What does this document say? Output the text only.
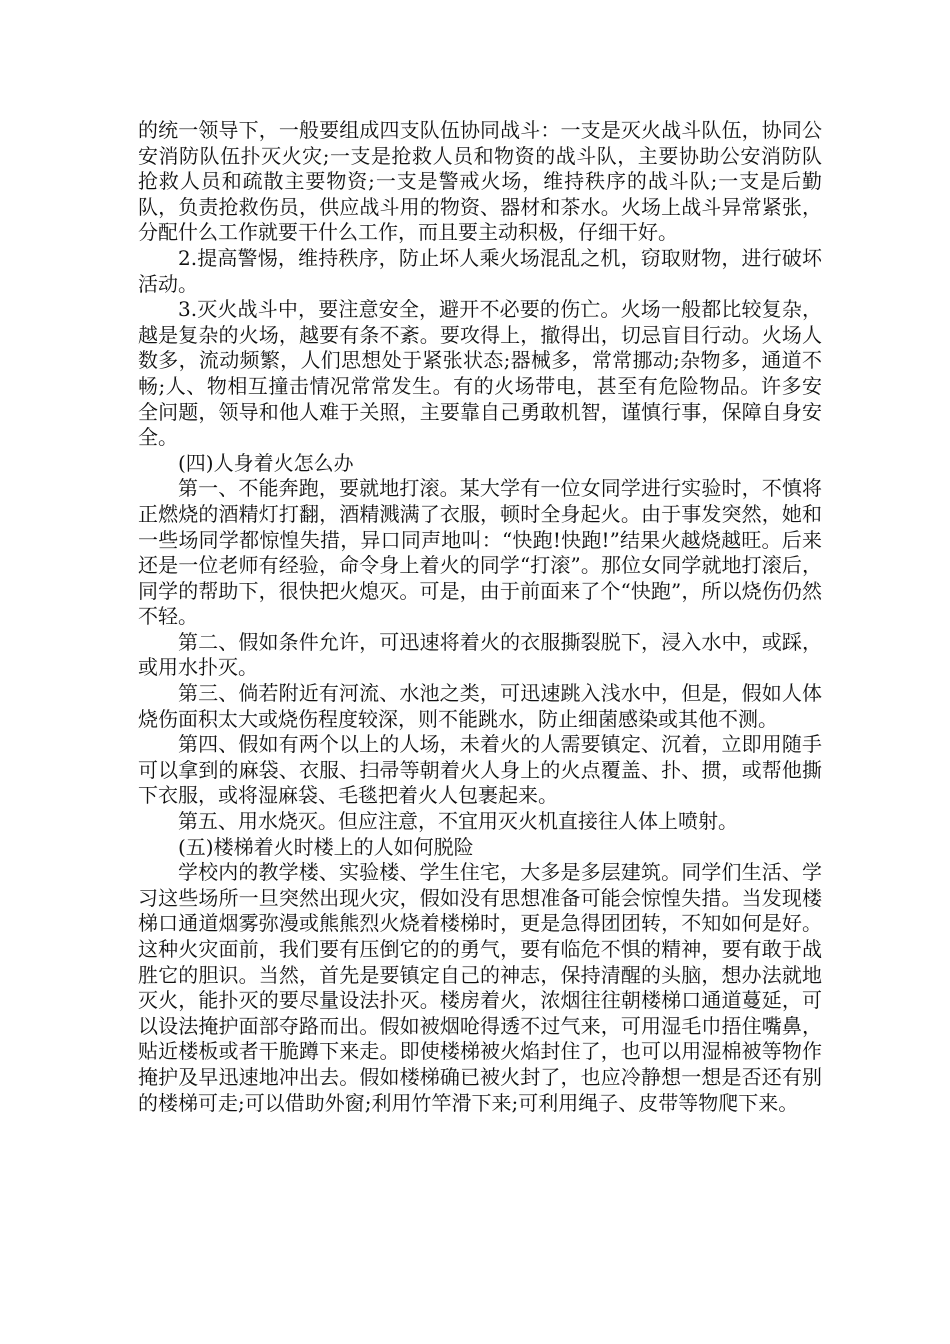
的统一领导下，一般要组成四支队伍协同战斗：一支是灭火战斗队伍，协同公安消防队伍扑灭火灾;一支是抢救人员和物资的战斗队，主要协助公安消防队抢救人员和疏散主要物资;一支是警戒火场，维持秩序的战斗队;一支是后勤队，负责抢救伤员，供应战斗用的物资、器材和茶水。火场上战斗异常紧张，分配什么工作就要干什么工作，而且要主动积极，仔细干好。

2.提高警惕，维持秩序，防止坏人乘火场混乱之机，窃取财物，进行破坏活动。

3.灭火战斗中，要注意安全，避开不必要的伤亡。火场一般都比较复杂，越是复杂的火场，越要有条不紊。要攻得上，撤得出，切忌盲目行动。火场人数多，流动频繁，人们思想处于紧张状态;器械多，常常挪动;杂物多，通道不畅;人、物相互撞击情况常常发生。有的火场带电，甚至有危险物品。许多安全问题，领导和他人难于关照，主要靠自己勇敢机智，谨慎行事，保障自身安全。

(四)人身着火怎么办

第一、不能奔跑，要就地打滚。某大学有一位女同学进行实验时，不慎将正燃烧的酒精灯打翻，酒精溅满了衣服，顿时全身起火。由于事发突然，她和一些场同学都惊惶失措，异口同声地叫：“快跑!快跑!”结果火越烧越旺。后来还是一位老师有经验，命令身上着火的同学“打滚”。那位女同学就地打滚后，同学的帮助下，很快把火熄灭。可是，由于前面来了个“快跑”，所以烧伤仍然不轻。

第二、假如条件允许，可迅速将着火的衣服撕裂脱下，浸入水中，或踩，或用水扑灭。

第三、倘若附近有河流、水池之类，可迅速跳入浅水中，但是，假如人体烧伤面积太大或烧伤程度较深，则不能跳水，防止细菌感染或其他不测。

第四、假如有两个以上的人场，未着火的人需要镇定、沉着，立即用随手可以拿到的麻袋、衣服、扫帚等朝着火人身上的火点覆盖、扑、掼，或帮他撕下衣服，或将湿麻袋、毛毯把着火人包裹起来。

第五、用水烧灭。但应注意，不宜用灭火机直接往人体上喷射。

(五)楼梯着火时楼上的人如何脱险

学校内的教学楼、实验楼、学生住宅，大多是多层建筑。同学们生活、学习这些场所一旦突然出现火灾，假如没有思想准备可能会惊惶失措。当发现楼梯口通道烟雾弥漫或熊熊烈火烧着楼梯时，更是急得团团转，不知如何是好。这种火灾面前，我们要有压倒它的的勇气，要有临危不惧的精神，要有敢于战胜它的胆识。当然，首先是要镇定自己的神志，保持清醒的头脑，想办法就地灭火，能扑灭的要尽量设法扑灭。楼房着火，浓烟往往朝楼梯口通道蔓延，可以设法掩护面部夺路而出。假如被烟呛得透不过气来，可用湿毛巾捂住嘴鼻，贴近楼板或者干脆蹲下来走。即使楼梯被火焰封住了，也可以用湿棉被等物作掩护及早迅速地冲出去。假如楼梯确已被火封了，也应冷静想一想是否还有别的楼梯可走;可以借助外窗;利用竹竿滑下来;可利用绳子、皮带等物爬下来。
